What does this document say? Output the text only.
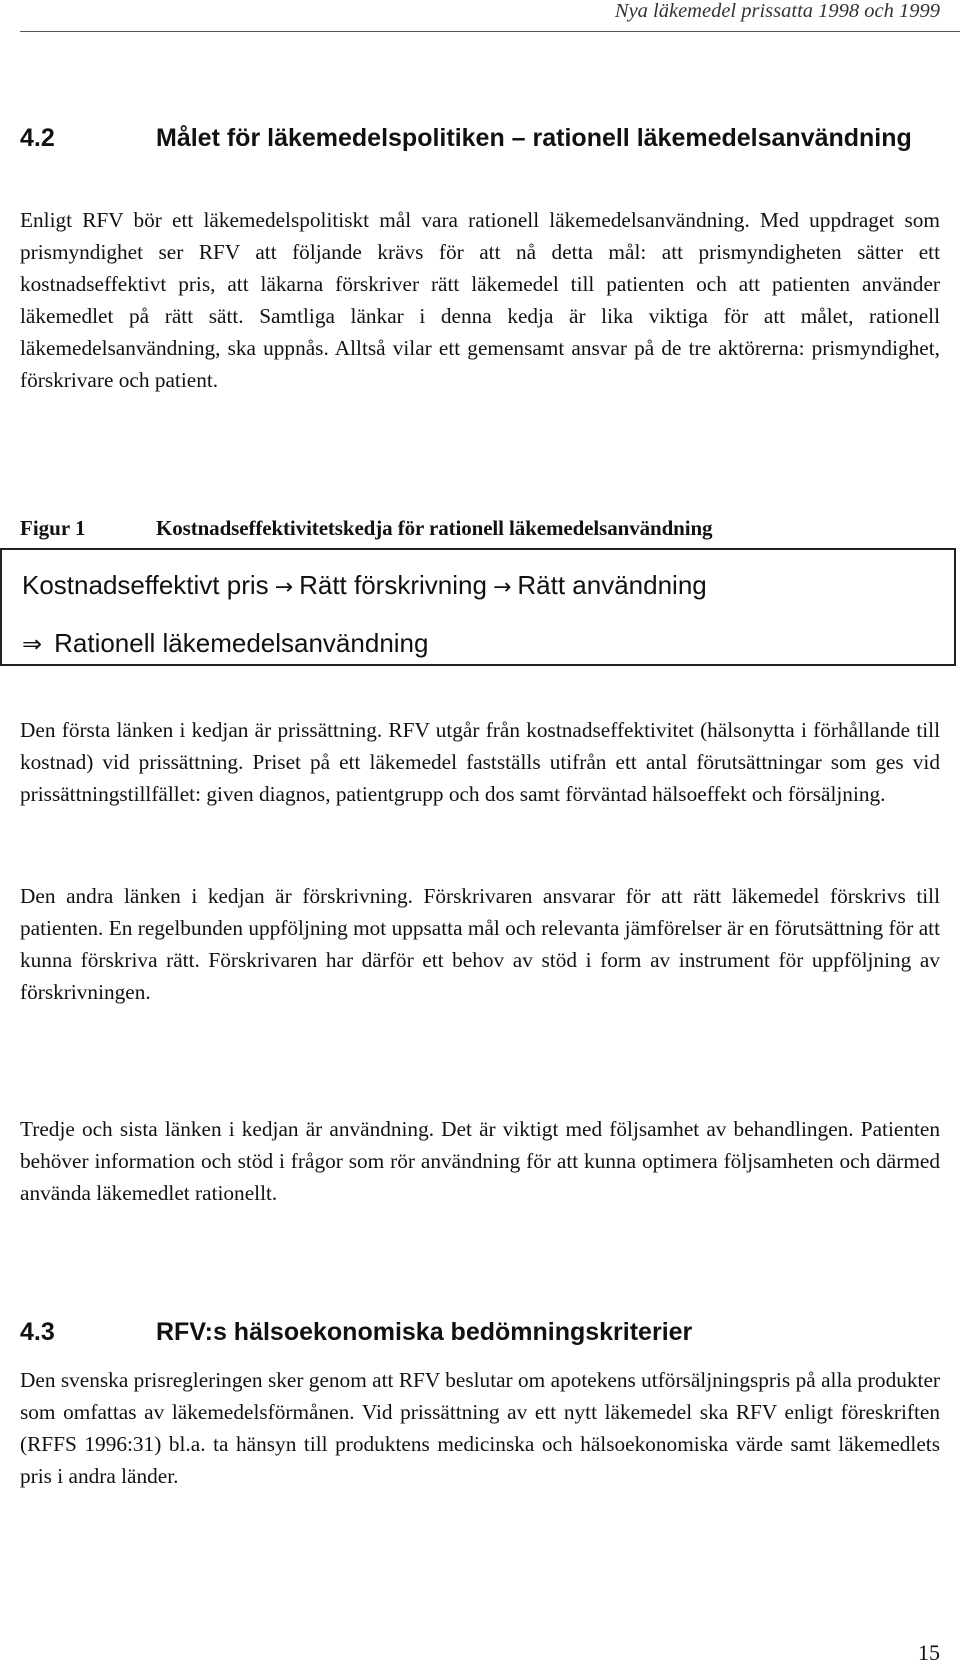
Nya läkemedel prissatta 1998 och 1999
4.2	Målet för läkemedelspolitiken – rationell läkemedelsanvändning

Enligt RFV bör ett läkemedelspolitiskt mål vara rationell läkemedelsanvändning. Med uppdraget som prismyndighet ser RFV att följande krävs för att nå detta mål: att prismyndigheten sätter ett kostnadseffektivt pris, att läkarna förskriver rätt läkemedel till patienten och att patienten använder läkemedlet på rätt sätt. Samtliga länkar i denna kedja är lika viktiga för att målet, rationell läkemedelsanvändning, ska uppnås. Alltså vilar ett gemensamt ansvar på de tre aktörerna: prismyndighet, förskrivare och patient.

Figur 1	Kostnadseffektivitetskedja för rationell läkemedelsanvändning
Kostnadseffektivt pris → Rätt förskrivning → Rätt användning
⇒ Rationell läkemedelsanvändning

Den första länken i kedjan är prissättning. RFV utgår från kostnadseffektivitet (hälsonytta i förhållande till kostnad) vid prissättning. Priset på ett läkemedel fastställs utifrån ett antal förutsättningar som ges vid prissättningstillfället: given diagnos, patientgrupp och dos samt förväntad hälsoeffekt och försäljning.

Den andra länken i kedjan är förskrivning. Förskrivaren ansvarar för att rätt läkemedel förskrivs till patienten. En regelbunden uppföljning mot uppsatta mål och relevanta jämförelser är en förutsättning för att kunna förskriva rätt. Förskrivaren har därför ett behov av stöd i form av instrument för uppföljning av förskrivningen.

Tredje och sista länken i kedjan är användning. Det är viktigt med följsamhet av behandlingen. Patienten behöver information och stöd i frågor som rör användning för att kunna optimera följsamheten och därmed använda läkemedlet rationellt.

4.3	RFV:s hälsoekonomiska bedömningskriterier

Den svenska prisregleringen sker genom att RFV beslutar om apotekens utförsäljningspris på alla produkter som omfattas av läkemedelsförmånen. Vid prissättning av ett nytt läkemedel ska RFV enligt föreskriften (RFFS 1996:31) bl.a. ta hänsyn till produktens medicinska och hälsoekonomiska värde samt läkemedlets pris i andra länder.

15
